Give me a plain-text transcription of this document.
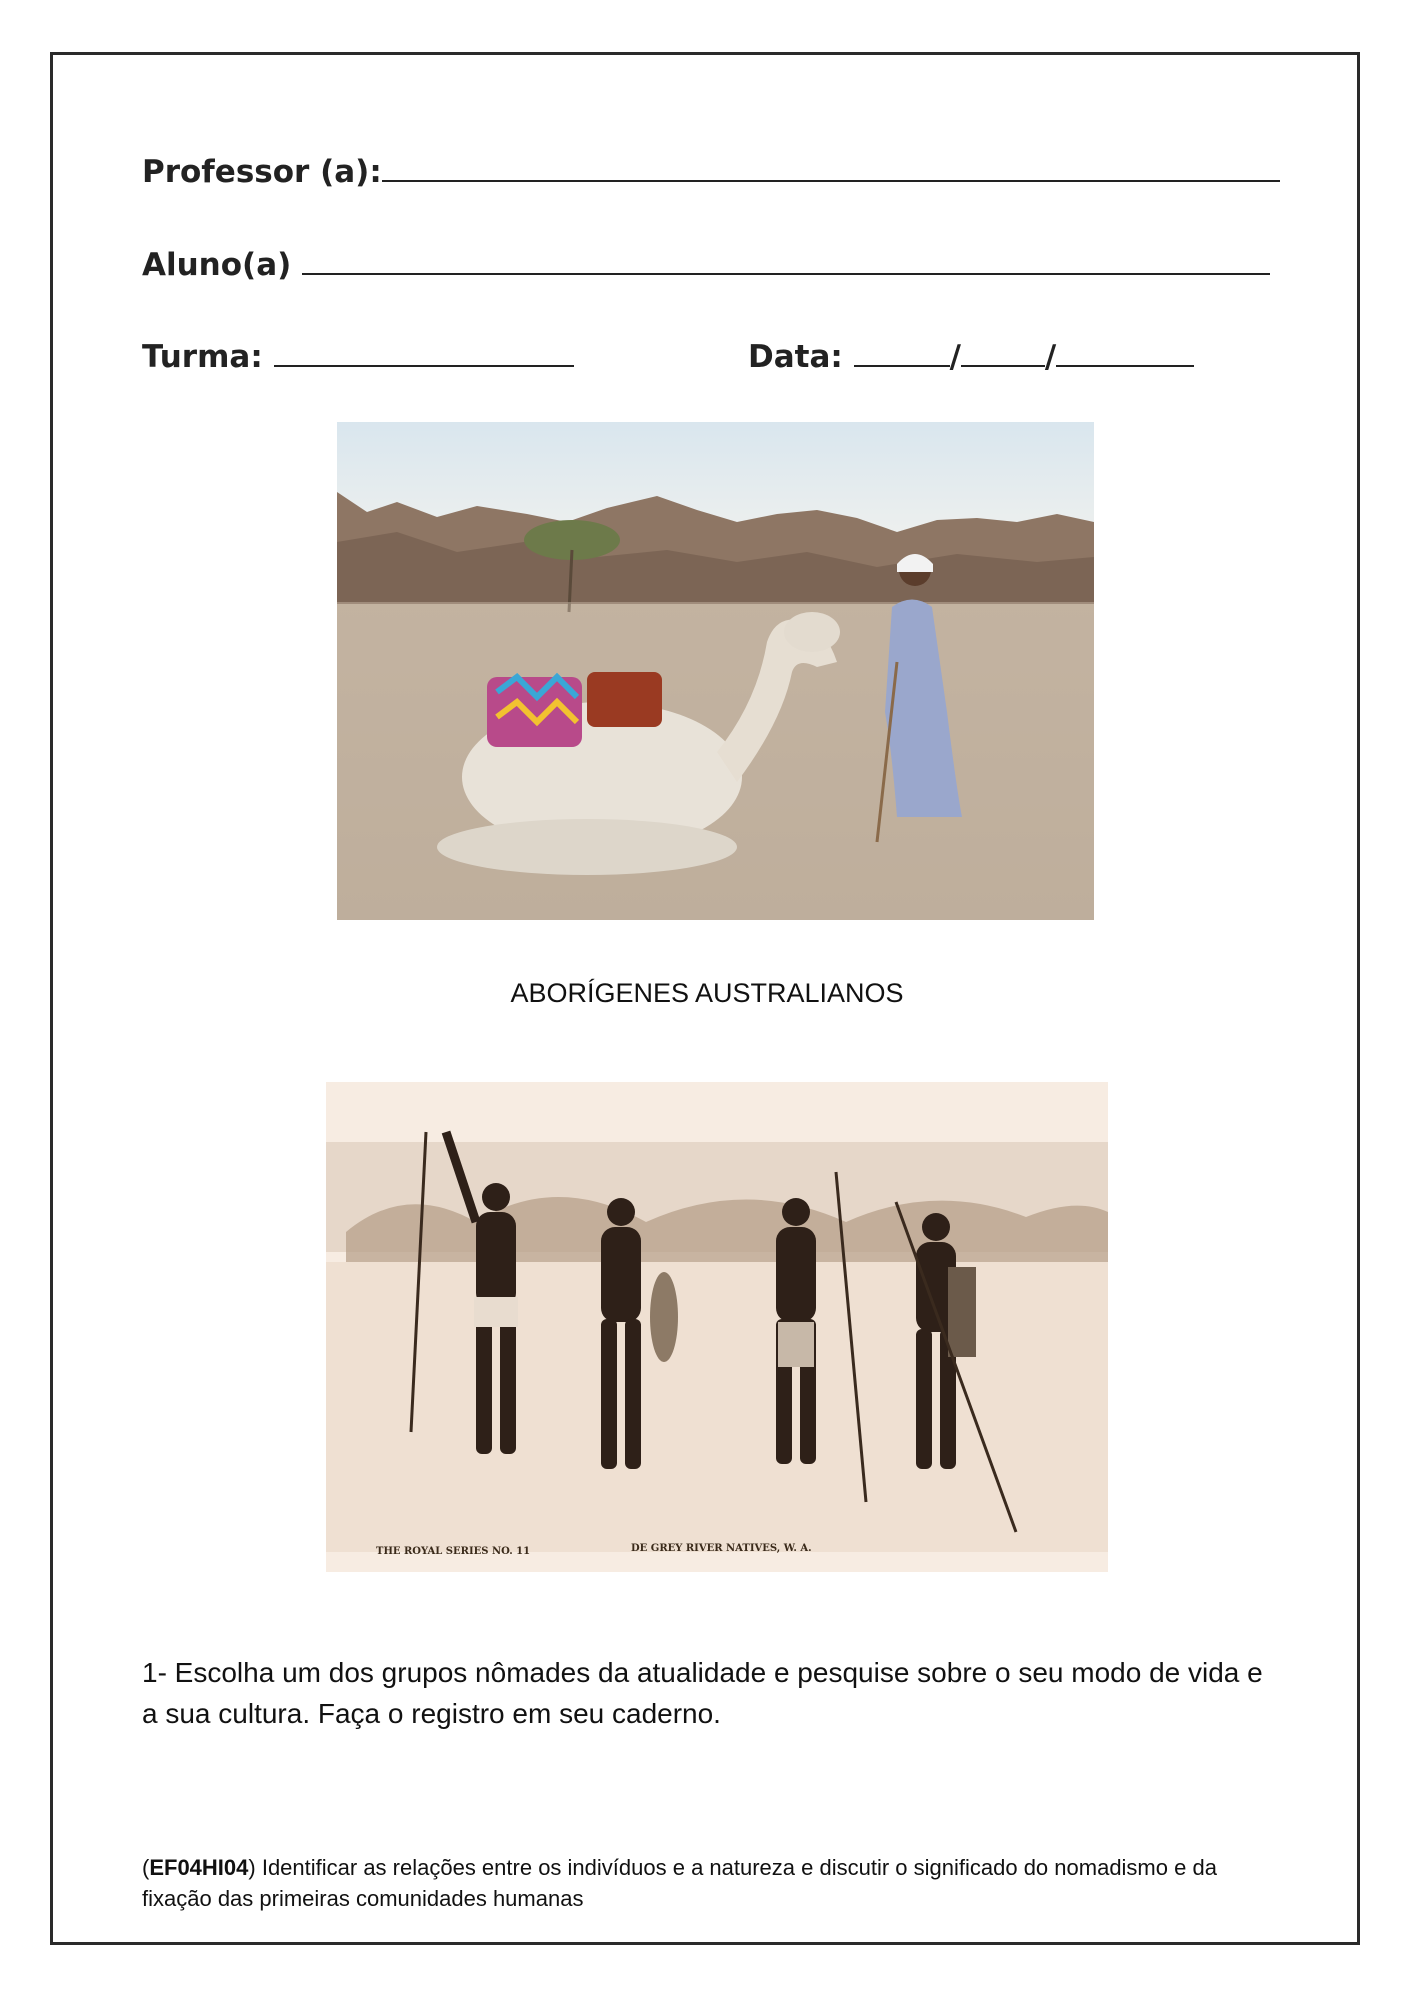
Professor (a):
Aluno(a)
Turma:	Data:	/	/
ABORÍGENES AUSTRALIANOS
THE ROYAL SERIES NO. 11	DE GREY RIVER NATIVES, W. A.
1- Escolha um dos grupos nômades da atualidade e pesquise sobre o seu modo de vida e a sua cultura. Faça o registro em seu caderno.
(EF04HI04) Identificar as relações entre os indivíduos e a natureza e discutir o significado do nomadismo e da fixação das primeiras comunidades humanas
